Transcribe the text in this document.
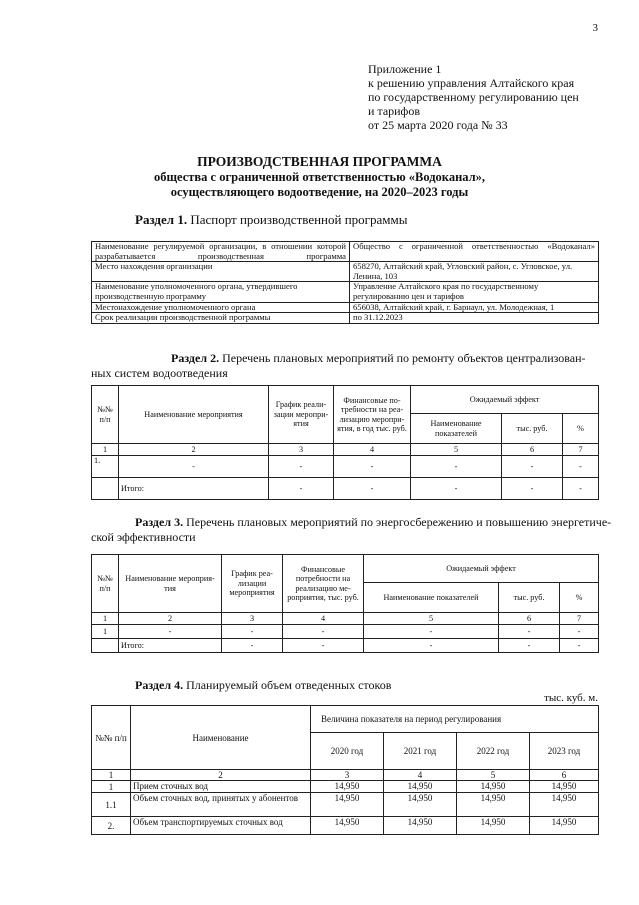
3
Приложение 1
к решению управления Алтайского края
по государственному регулированию цен
и тарифов
от 25 марта 2020 года № 33
ПРОИЗВОДСТВЕННАЯ ПРОГРАММА
общества с ограниченной ответственностью «Водоканал»,
осуществляющего водоотведение, на 2020–2023 годы
Раздел 1. Паспорт производственной программы
Наименование регулируемой организации, в отношении которой разрабатывается производственная программа	Общество с ограниченной ответственностью «Водоканал»
Место нахождения организации	658270, Алтайский край, Угловский район, с. Угловское, ул. Ленина, 103
Наименование уполномоченного органа, утвердившего производственную программу	Управление Алтайского края по государственному регулированию цен и тарифов
Местонахождение уполномоченного органа	656038, Алтайский край, г. Барнаул, ул. Молодежная, 1
Срок реализации производственной программы	по 31.12.2023
Раздел 2. Перечень плановых мероприятий по ремонту объектов централизован-
ных систем водоотведения
№№ п/п	Наименование мероприятия	График реали-зации меропри-ятия	Финансовые по-требности на реа-лизацию меропри-ятия, в год тыс. руб.	Ожидаемый эффект		
				Наименование показателей	тыс. руб.	%
1	2	3	4	5	6	7
1.	-	-	-	-	-	-
	Итого:	-	-	-	-	-
Раздел 3. Перечень плановых мероприятий по энергосбережению и повышению энергетиче-
ской эффективности
№№ п/п	Наименование мероприя-тия	График реа-лизации мероприятия	Финансовые потребности на реализацию ме-роприятия, тыс. руб.	Ожидаемый эффект		
				Наименование показателей	тыс. руб.	%
1	2	3	4	5	6	7
1	-	-	-	-	-	-
	Итого:	-	-	-	-	-
Раздел 4. Планируемый объем отведенных стоков
тыс. куб. м.
№№ п/п	Наименование	Величина показателя на период регулирования			
		2020 год	2021 год	2022 год	2023 год
1	2	3	4	5	6
1	Прием сточных вод	14,950	14,950	14,950	14,950
1.1	Объем сточных вод, принятых у абонентов	14,950	14,950	14,950	14,950
2.	Объем транспортируемых сточных вод	14,950	14,950	14,950	14,950
